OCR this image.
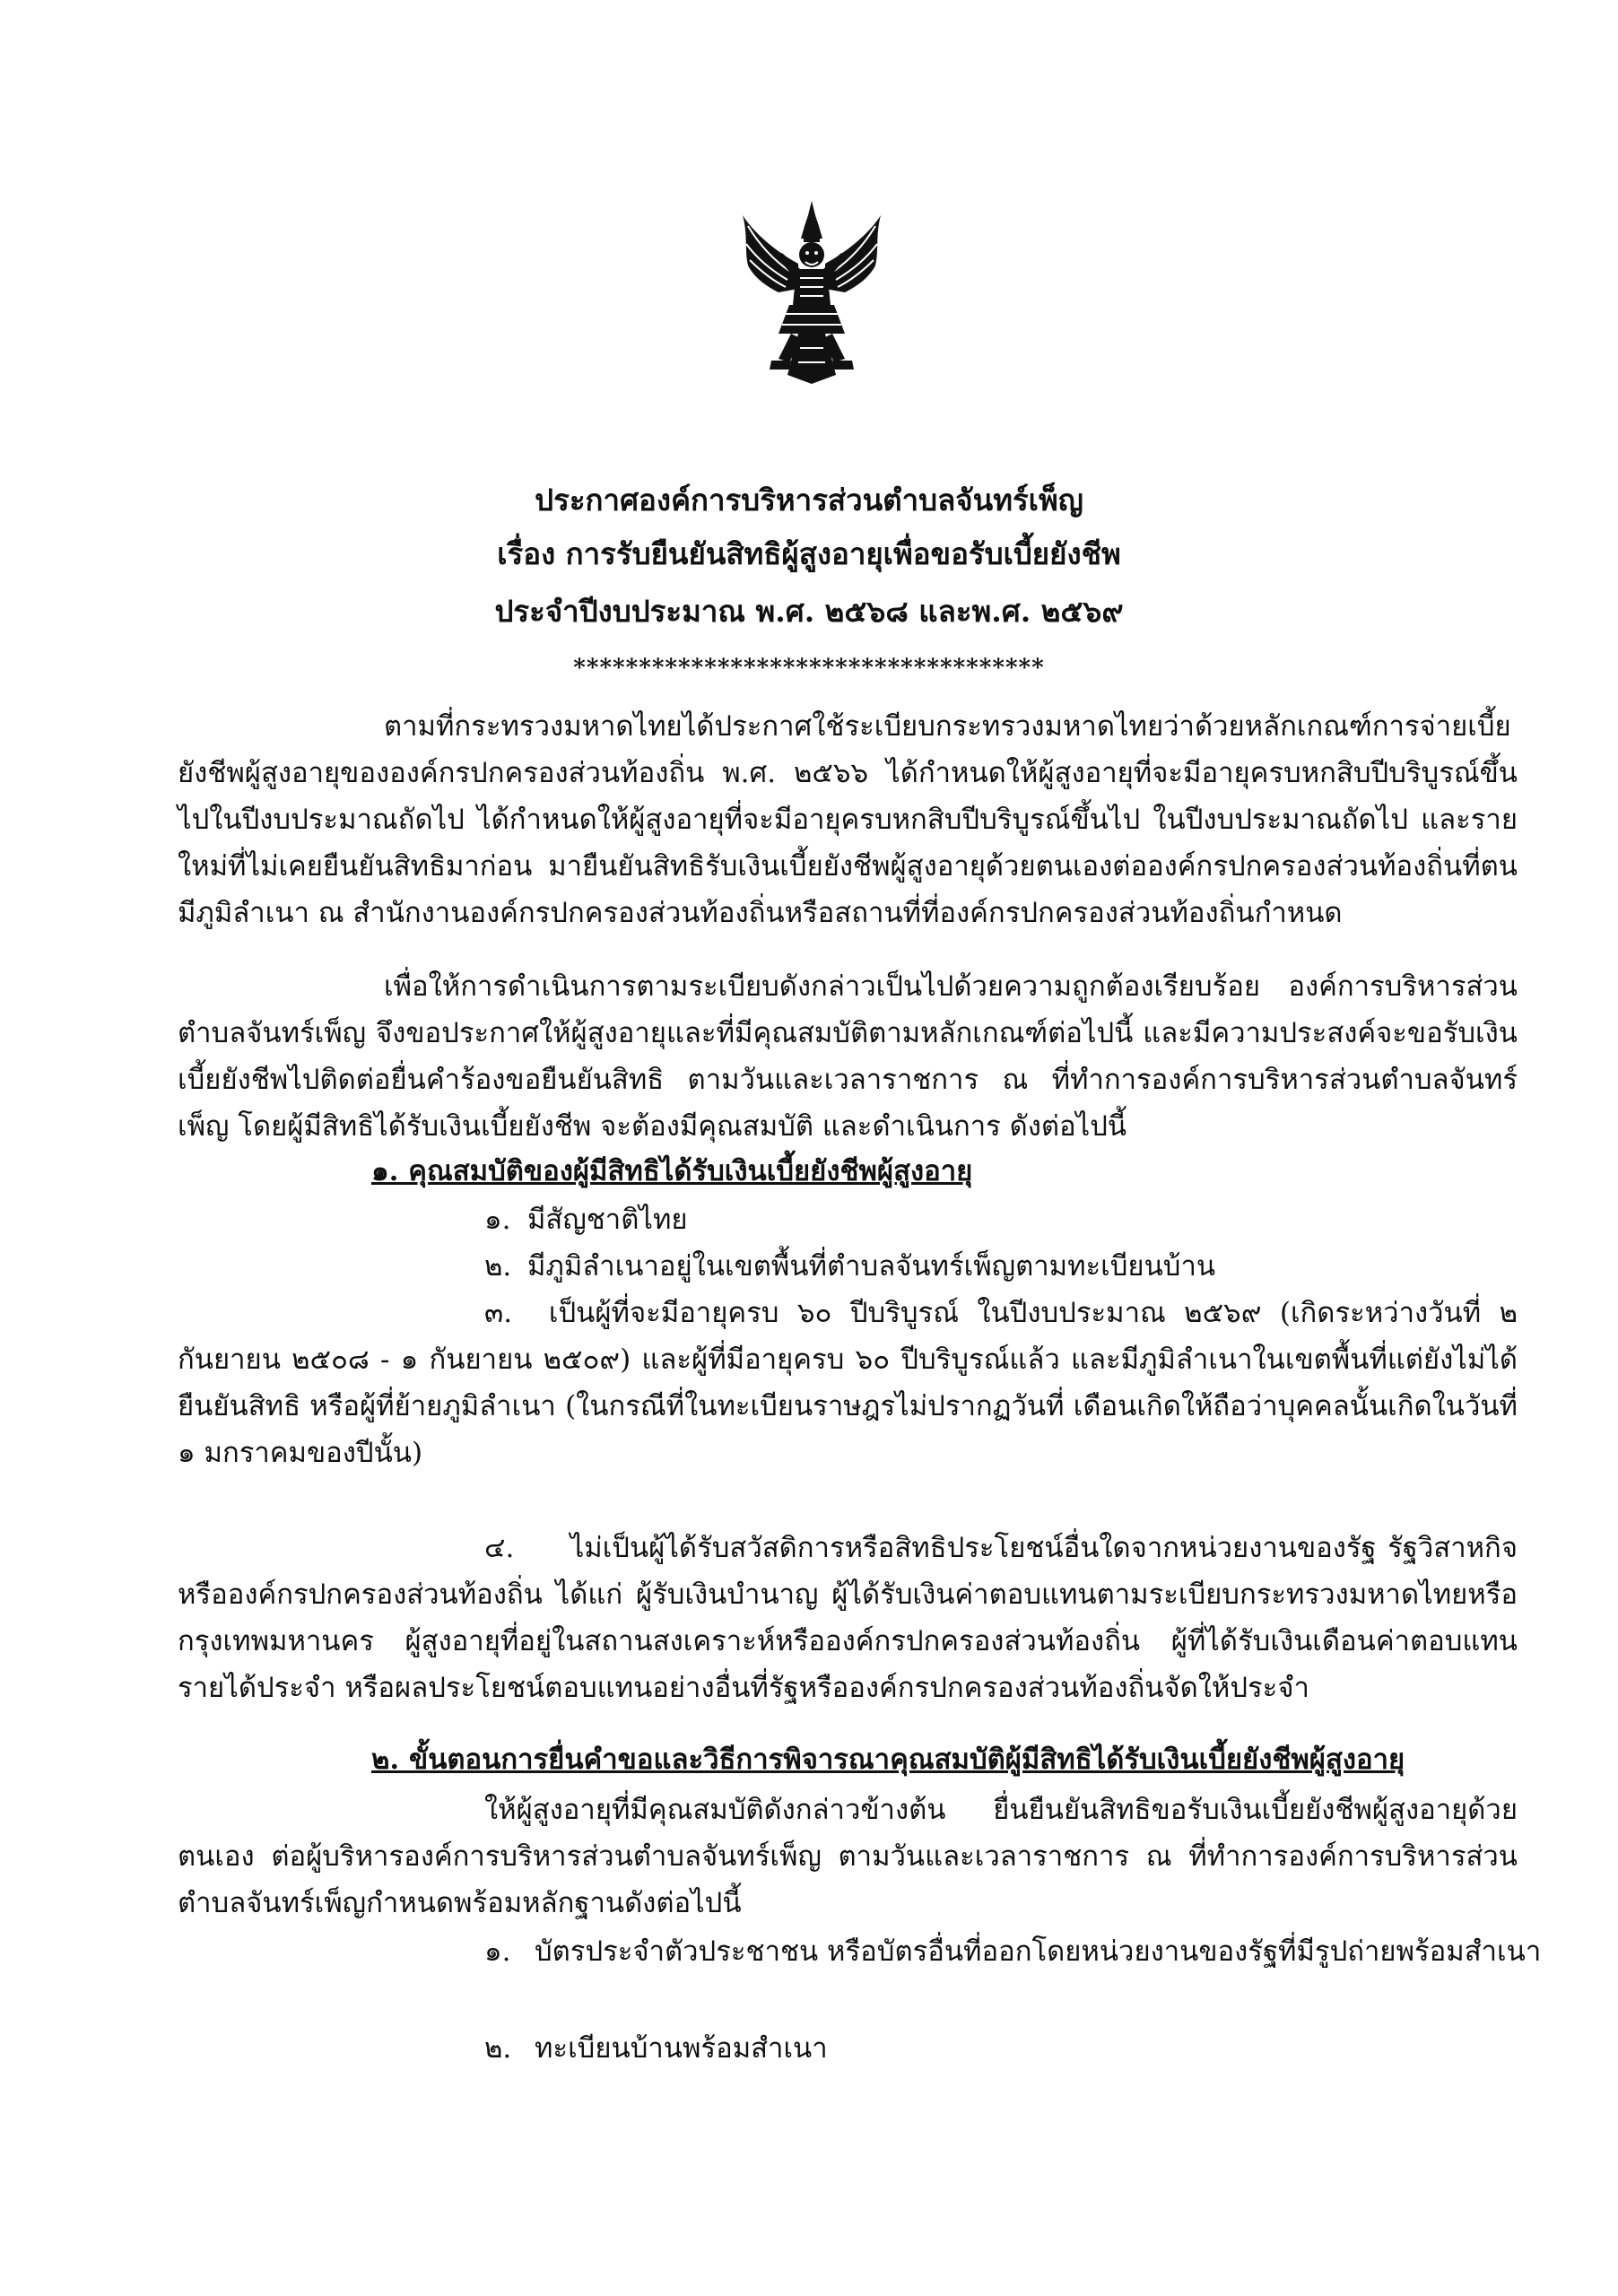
ประกาศองค์การบริหารส่วนตำบลจันทร์เพ็ญ
เรื่อง การรับยืนยันสิทธิผู้สูงอายุเพื่อขอรับเบี้ยยังชีพ
ประจำปีงบประมาณ พ.ศ. ๒๕๖๘ และพ.ศ. ๒๕๖๙
************************************
ตามที่กระทรวงมหาดไทยได้ประกาศใช้ระเบียบกระทรวงมหาดไทยว่าด้วยหลักเกณฑ์การจ่ายเบี้ยยังชีพผู้สูงอายุขององค์กรปกครองส่วนท้องถิ่น พ.ศ. ๒๕๖๖ ได้กำหนดให้ผู้สูงอายุที่จะมีอายุครบหกสิบปีบริบูรณ์ขึ้นไปในปีงบประมาณถัดไป ได้กำหนดให้ผู้สูงอายุที่จะมีอายุครบหกสิบปีบริบูรณ์ขึ้นไป ในปีงบประมาณถัดไป และรายใหม่ที่ไม่เคยยืนยันสิทธิมาก่อน มายืนยันสิทธิรับเงินเบี้ยยังชีพผู้สูงอายุด้วยตนเองต่อองค์กรปกครองส่วนท้องถิ่นที่ตนมีภูมิลำเนา ณ สำนักงานองค์กรปกครองส่วนท้องถิ่นหรือสถานที่ที่องค์กรปกครองส่วนท้องถิ่นกำหนด
เพื่อให้การดำเนินการตามระเบียบดังกล่าวเป็นไปด้วยความถูกต้องเรียบร้อย องค์การบริหารส่วนตำบลจันทร์เพ็ญ จึงขอประกาศให้ผู้สูงอายุและที่มีคุณสมบัติตามหลักเกณฑ์ต่อไปนี้ และมีความประสงค์จะขอรับเงินเบี้ยยังชีพไปติดต่อยื่นคำร้องขอยืนยันสิทธิ ตามวันและเวลาราชการ ณ ที่ทำการองค์การบริหารส่วนตำบลจันทร์เพ็ญ โดยผู้มีสิทธิได้รับเงินเบี้ยยังชีพ จะต้องมีคุณสมบัติ และดำเนินการ ดังต่อไปนี้
๑. คุณสมบัติของผู้มีสิทธิได้รับเงินเบี้ยยังชีพผู้สูงอายุ
๑. มีสัญชาติไทย
๒. มีภูมิลำเนาอยู่ในเขตพื้นที่ตำบลจันทร์เพ็ญตามทะเบียนบ้าน
๓. เป็นผู้ที่จะมีอายุครบ ๖๐ ปีบริบูรณ์ ในปีงบประมาณ ๒๕๖๙ (เกิดระหว่างวันที่ ๒ กันยายน ๒๕๐๘ - ๑ กันยายน ๒๕๐๙) และผู้ที่มีอายุครบ ๖๐ ปีบริบูรณ์แล้ว และมีภูมิลำเนาในเขตพื้นที่แต่ยังไม่ได้ยืนยันสิทธิ หรือผู้ที่ย้ายภูมิลำเนา (ในกรณีที่ในทะเบียนราษฎรไม่ปรากฏวันที่ เดือนเกิดให้ถือว่าบุคคลนั้นเกิดในวันที่ ๑ มกราคมของปีนั้น)
๔. ไม่เป็นผู้ได้รับสวัสดิการหรือสิทธิประโยชน์อื่นใดจากหน่วยงานของรัฐ รัฐวิสาหกิจหรือองค์กรปกครองส่วนท้องถิ่น ได้แก่ ผู้รับเงินบำนาญ ผู้ได้รับเงินค่าตอบแทนตามระเบียบกระทรวงมหาดไทยหรือกรุงเทพมหานคร ผู้สูงอายุที่อยู่ในสถานสงเคราะห์หรือองค์กรปกครองส่วนท้องถิ่น ผู้ที่ได้รับเงินเดือนค่าตอบแทน รายได้ประจำ หรือผลประโยชน์ตอบแทนอย่างอื่นที่รัฐหรือองค์กรปกครองส่วนท้องถิ่นจัดให้ประจำ
๒. ขั้นตอนการยื่นคำขอและวิธีการพิจารณาคุณสมบัติผู้มีสิทธิได้รับเงินเบี้ยยังชีพผู้สูงอายุ
ให้ผู้สูงอายุที่มีคุณสมบัติดังกล่าวข้างต้น ยื่นยืนยันสิทธิขอรับเงินเบี้ยยังชีพผู้สูงอายุด้วยตนเอง ต่อผู้บริหารองค์การบริหารส่วนตำบลจันทร์เพ็ญ ตามวันและเวลาราชการ ณ ที่ทำการองค์การบริหารส่วนตำบลจันทร์เพ็ญกำหนดพร้อมหลักฐานดังต่อไปนี้
๑. บัตรประจำตัวประชาชน หรือบัตรอื่นที่ออกโดยหน่วยงานของรัฐที่มีรูปถ่ายพร้อมสำเนา
๒. ทะเบียนบ้านพร้อมสำเนา
